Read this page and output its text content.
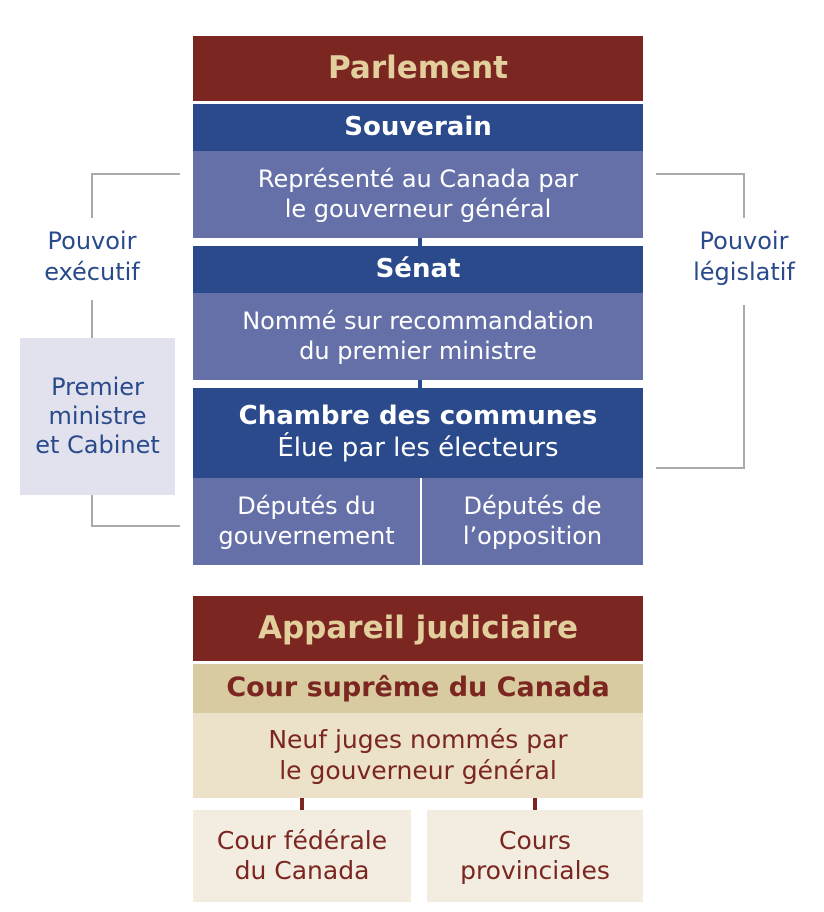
Parlement
Souverain
Représenté au Canada par
le gouverneur général
Sénat
Nommé sur recommandation
du premier ministre
Chambre des communes
Élue par les électeurs
Députés du
gouvernement
Députés de
l’opposition
Pouvoir
exécutif
Premier
ministre
et Cabinet
Pouvoir
législatif
Appareil judiciaire
Cour suprême du Canada
Neuf juges nommés par
le gouverneur général
Cour fédérale
du Canada
Cours
provinciales
